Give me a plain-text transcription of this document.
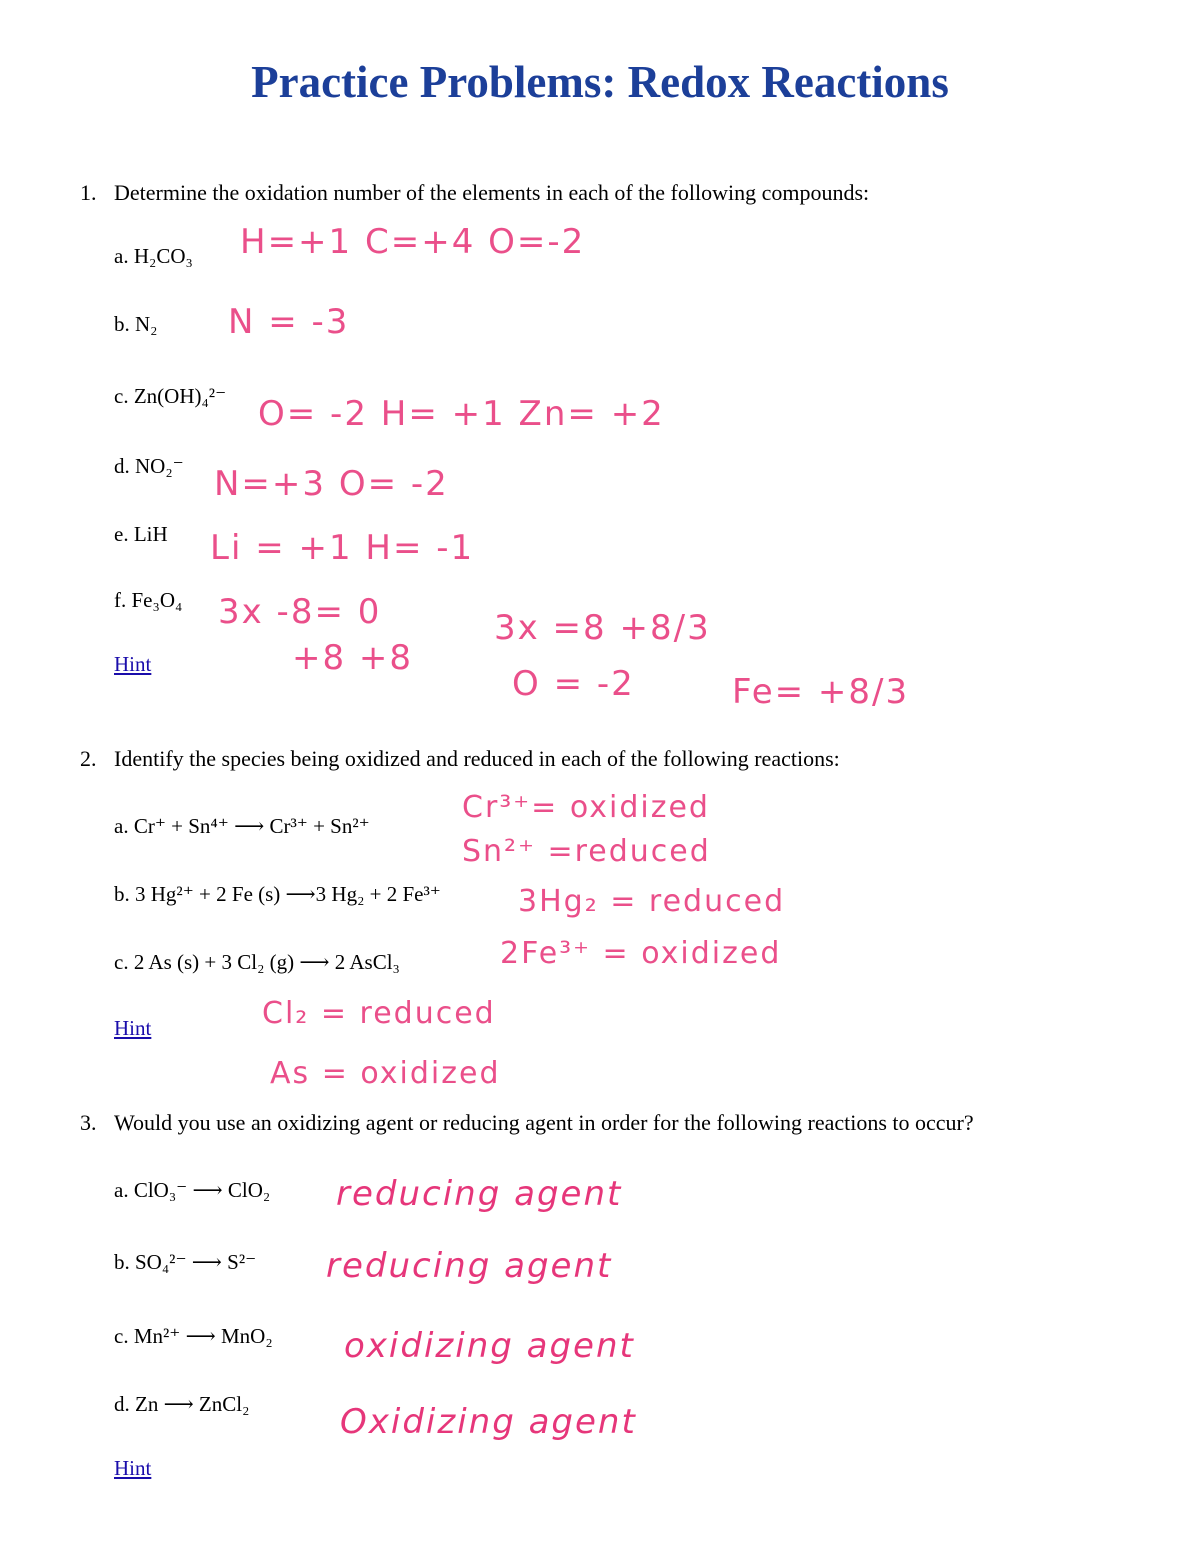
Practice Problems: Redox Reactions
1. Determine the oxidation number of the elements in each of the following compounds:
a. H₂CO₃ H=+1 C=+4 O=-2
b. N₂ N = -3
c. Zn(OH)₄²⁻ O= -2 H= +1 Zn= +2
d. NO₂⁻ N=+3 O= -2
e. LiH Li = +1 H= -1
f. Fe₃O₄ 3x -8= 0
+8 +8
3x =8 +8/3
O = -2	Fe= +8/3
Hint
2. Identify the species being oxidized and reduced in each of the following reactions:
a. Cr⁺ + Sn⁴⁺ ⟶ Cr³⁺ + Sn²⁺
Cr³⁺= oxidized
Sn²⁺ =reduced
b. 3 Hg²⁺ + 2 Fe (s) ⟶3 Hg₂ + 2 Fe³⁺	3Hg₂ = reduced
2Fe³⁺ = oxidized
c. 2 As (s) + 3 Cl₂ (g) ⟶ 2 AsCl₃
Cl₂ = reduced
As = oxidized
Hint
3. Would you use an oxidizing agent or reducing agent in order for the following reactions to occur?
a. ClO₃⁻ ⟶ ClO₂ reducing agent
b. SO₄²⁻ ⟶ S²⁻ reducing agent
c. Mn²⁺ ⟶ MnO₂ oxidizing agent
d. Zn ⟶ ZnCl₂	Oxidizing agent
Hint
